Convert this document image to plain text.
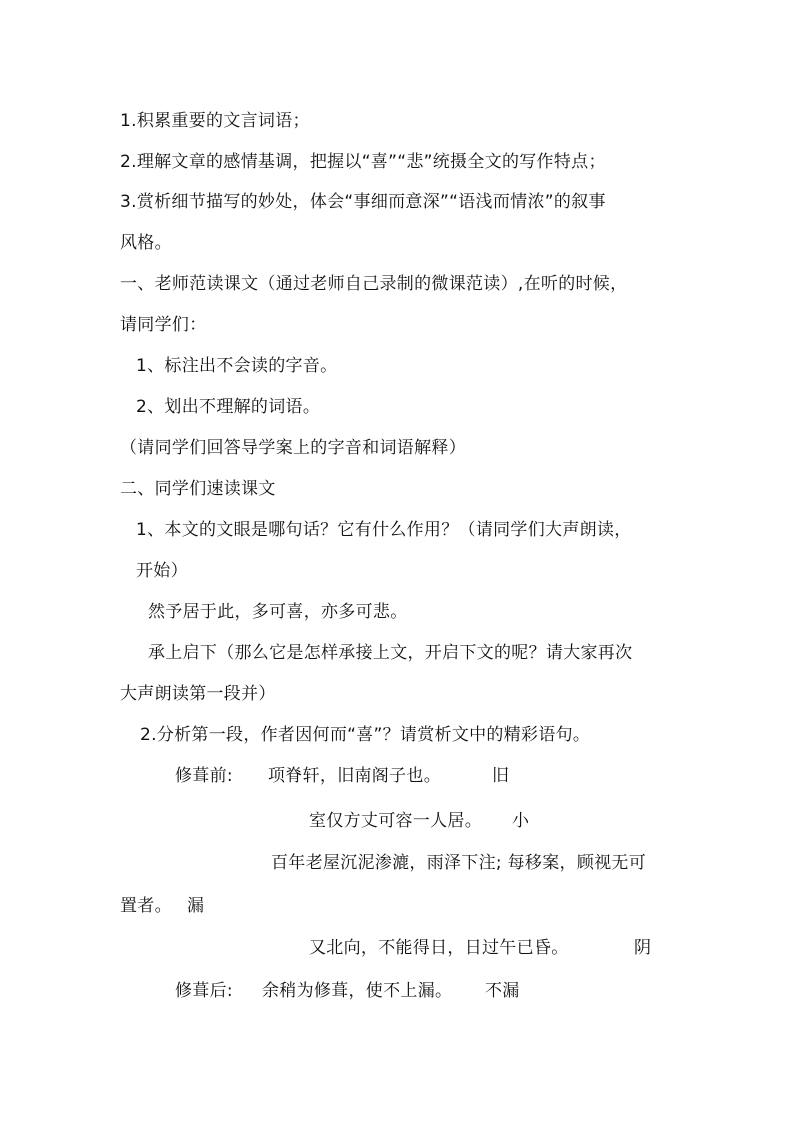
1.积累重要的文言词语；
2.理解文章的感情基调，把握以“喜”“悲”统摄全文的写作特点；
3.赏析细节描写的妙处，体会“事细而意深”“语浅而情浓”的叙事
风格。
一、老师范读课文（通过老师自己录制的微课范读）,在听的时候，
请同学们：
1、标注出不会读的字音。
2、划出不理解的词语。
（请同学们回答导学案上的字音和词语解释）
二、同学们速读课文
1、本文的文眼是哪句话？它有什么作用？（请同学们大声朗读，
开始）
然予居于此，多可喜，亦多可悲。
承上启下（那么它是怎样承接上文，开启下文的呢？请大家再次
大声朗读第一段并）
2.分析第一段，作者因何而“喜”？请赏析文中的精彩语句。
修葺前: 项脊轩，旧南阁子也。	旧
室仅方丈可容一人居。 小
百年老屋沉泥渗漉，雨泽下注; 每移案，顾视无可
置者。 漏
又北向，不能得日，日过午已昏。	阴
修葺后: 余稍为修葺，使不上漏。 不漏
